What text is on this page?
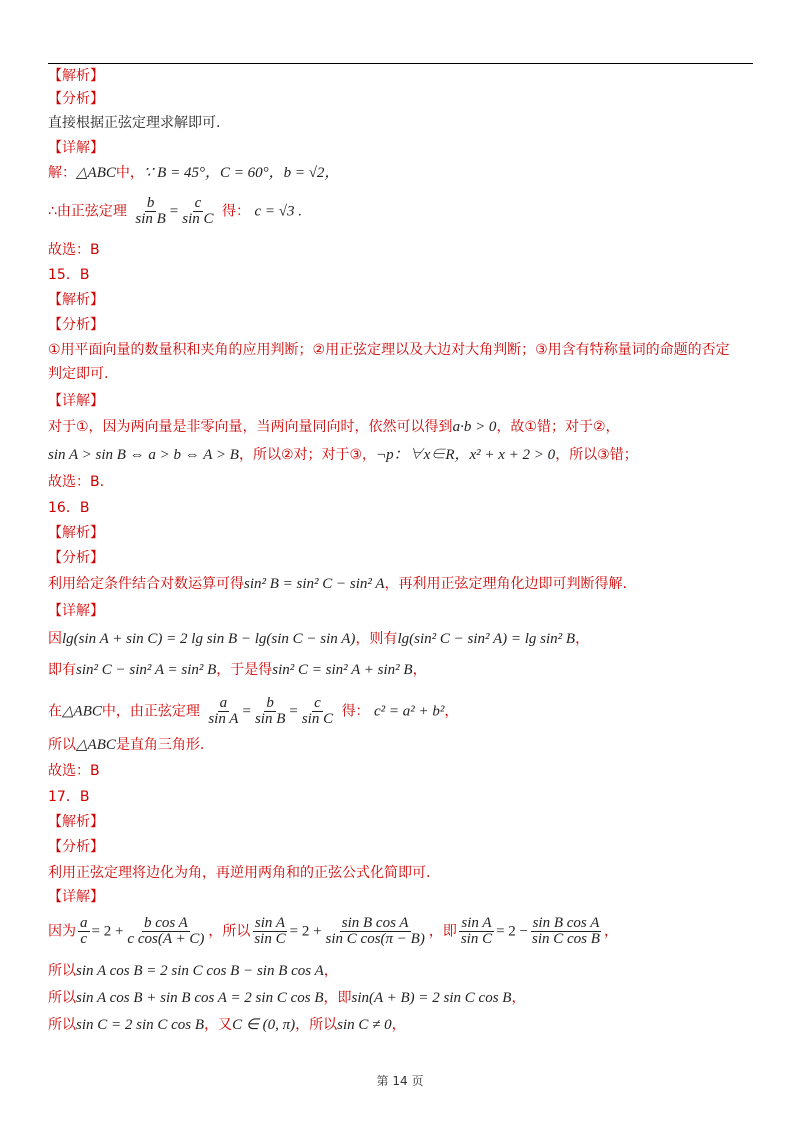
【解析】
【分析】
直接根据正弦定理求解即可.
【详解】
解：△ABC中，∵ B = 45°，C = 60°，b = √2，
∴由正弦定理 $\frac{b}{\text{sin B}} = \frac{c}{\text{sin C}}$ 得： c = √3 .
故选：B
15．B
【解析】
【分析】
①用平面向量的数量积和夹角的应用判断；②用正弦定理以及大边对大角判断；③用含有特称量词的命题的否定
判定即可.
【详解】
对于①，因为两向量是非零向量，当两向量同向时，依然可以得到a·b > 0，故①错；对于②，
sin A > sin B ⇔ a > b ⇔ A > B，所以②对；对于③，¬p：∀x∈R，x² + x + 2 > 0，所以③错；
故选：B.
16．B
【解析】
【分析】
利用给定条件结合对数运算可得sin² B = sin² C − sin² A，再利用正弦定理角化边即可判断得解.
【详解】
因lg(sin A + sin C) = 2 lg sin B − lg(sin C − sin A)，则有lg(sin² C − sin² A) = lg sin² B，
即有sin² C − sin² A = sin² B，于是得sin² C = sin² A + sin² B，
在△ABC中，由正弦定理 $\frac{a}{\text{sin A}} = \frac{b}{\text{sin B}} = \frac{c}{\text{sin C}}$ 得： c² = a² + b²，
所以△ABC是直角三角形.
故选：B
17．B
【解析】
【分析】
利用正弦定理将边化为角，再逆用两角和的正弦公式化简即可.
【详解】
因为 $\frac{a}{c} = 2 + \frac{\text{b cos A}}{\text{c cos(A + C)}}$ ，所以 $\frac{\text{sin A}}{\text{sin C}} = 2 + \frac{\text{sin B cos A}}{\text{sin C cos(π − B)}}$ ，即 $\frac{\text{sin A}}{\text{sin C}} = 2 - \frac{\text{sin B cos A}}{\text{sin C cos B}}$ ，
所以sin A cos B = 2 sin C cos B − sin B cos A，
所以sin A cos B + sin B cos A = 2 sin C cos B，即sin(A + B) = 2 sin C cos B，
所以sin C = 2 sin C cos B，又C ∈ (0, π)，所以sin C ≠ 0，
第 14 页
